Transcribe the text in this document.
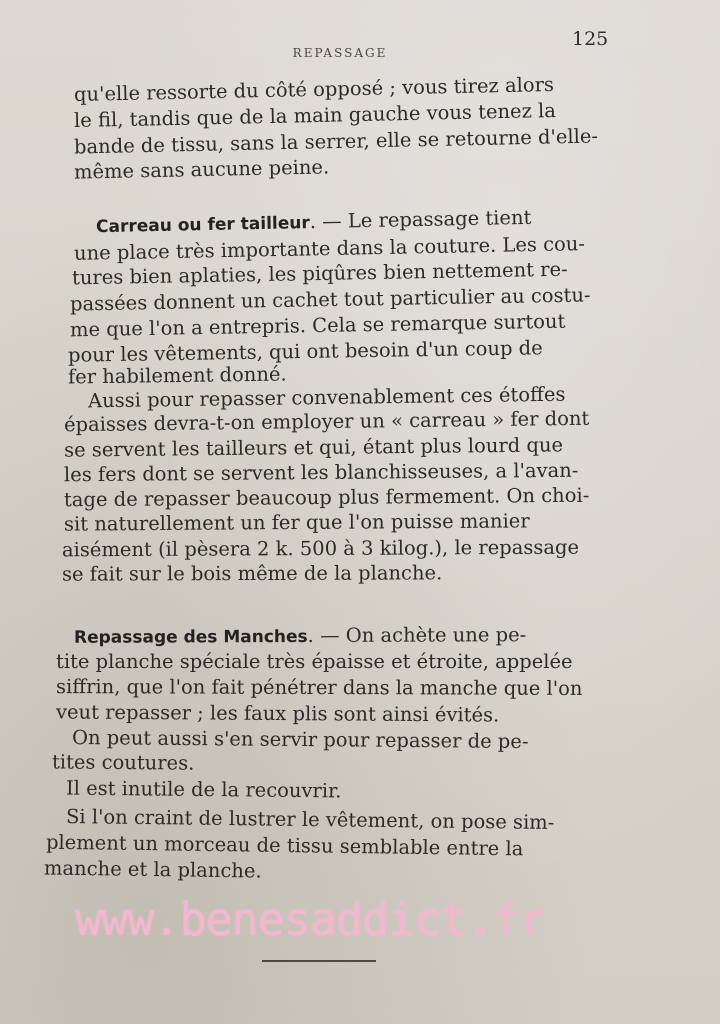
REPASSAGE
125
qu'elle ressorte du côté opposé ; vous tirez alors
le fil, tandis que de la main gauche vous tenez la
bande de tissu, sans la serrer, elle se retourne d'elle-
même sans aucune peine.
Carreau ou fer tailleur. — Le repassage tient
une place très importante dans la couture. Les cou-
tures bien aplaties, les piqûres bien nettement re-
passées donnent un cachet tout particulier au costu-
me que l'on a entrepris. Cela se remarque surtout
pour les vêtements, qui ont besoin d'un coup de
fer habilement donné.
Aussi pour repasser convenablement ces étoffes
épaisses devra-t-on employer un « carreau » fer dont
se servent les tailleurs et qui, étant plus lourd que
les fers dont se servent les blanchisseuses, a l'avan-
tage de repasser beaucoup plus fermement. On choi-
sit naturellement un fer que l'on puisse manier
aisément (il pèsera 2 k. 500 à 3 kilog.), le repassage
se fait sur le bois même de la planche.
Repassage des Manches. — On achète une pe-
tite planche spéciale très épaisse et étroite, appelée
siffrin, que l'on fait pénétrer dans la manche que l'on
veut repasser ; les faux plis sont ainsi évités.
On peut aussi s'en servir pour repasser de pe-
tites coutures.
Il est inutile de la recouvrir.
Si l'on craint de lustrer le vêtement, on pose sim-
plement un morceau de tissu semblable entre la
manche et la planche.
www.benesaddict.fr
